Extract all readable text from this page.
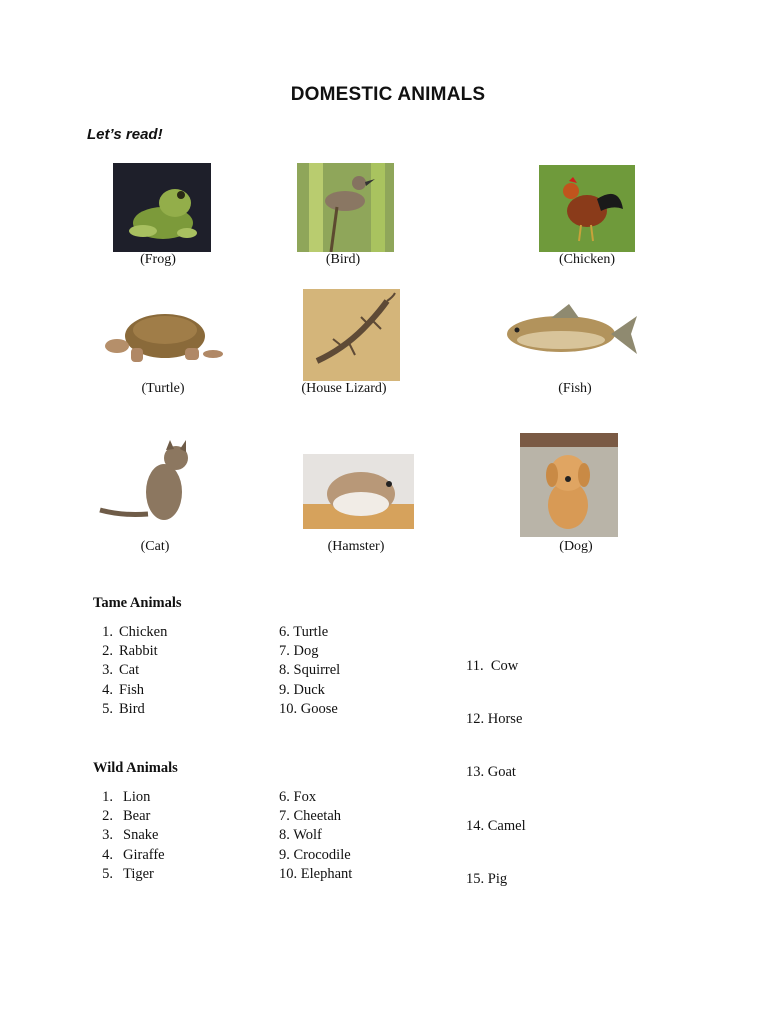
DOMESTIC ANIMALS
Let’s read!
(Frog)	(Bird)	(Chicken)
(Turtle)	(House Lizard)	(Fish)
(Cat)	(Hamster)	(Dog)
Tame Animals
1. Chicken
2. Rabbit
3. Cat
4. Fish
5. Bird
6. Turtle
7. Dog
8. Squirrel
9. Duck
10. Goose

11.  Cow

12. Horse

13. Goat

14. Camel

15. Pig

Wild Animals
1. Lion
2. Bear
3. Snake
4. Giraffe
5. Tiger
6. Fox
7. Cheetah
8. Wolf
9. Crocodile
10. Elephant
